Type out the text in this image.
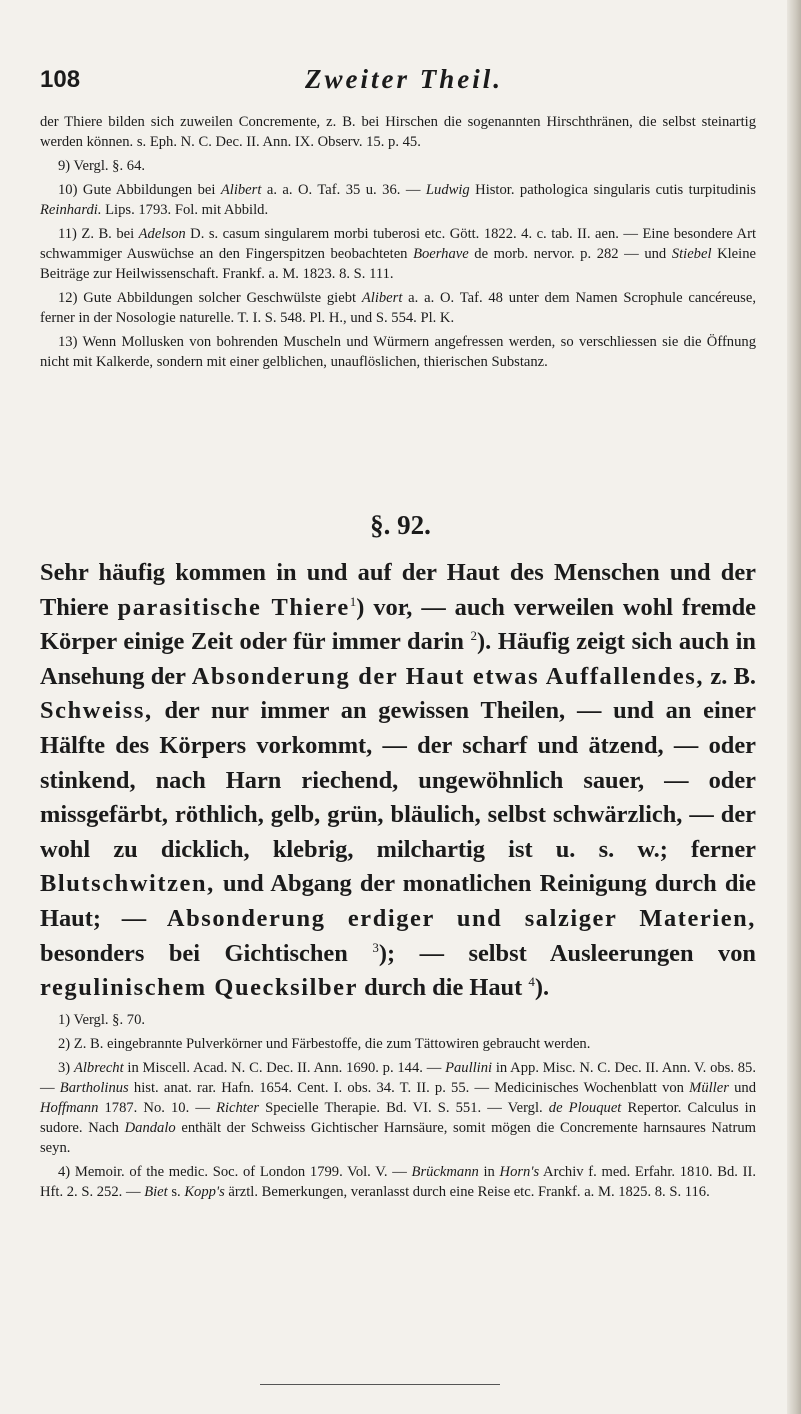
108	Zweiter Theil.

der Thiere bilden sich zuweilen Concremente, z. B. bei Hirschen die sogenannten Hirschthränen, die selbst steinartig werden können. s. Eph. N. C. Dec. II. Ann. IX. Observ. 15. p. 45.

9) Vergl. §. 64.

10) Gute Abbildungen bei Alibert a. a. O. Taf. 35 u. 36. — Ludwig Histor. pathologica singularis cutis turpitudinis Reinhardi. Lips. 1793. Fol. mit Abbild.

11) Z. B. bei Adelson D. s. casum singularem morbi tuberosi etc. Gött. 1822. 4. c. tab. II. aen. — Eine besondere Art schwammiger Auswüchse an den Fingerspitzen beobachteten Boerhave de morb. nervor. p. 282 — und Stiebel Kleine Beiträge zur Heilwissenschaft. Frankf. a. M. 1823. 8. S. 111.

12) Gute Abbildungen solcher Geschwülste giebt Alibert a. a. O. Taf. 48 unter dem Namen Scrophule cancéreuse, ferner in der Nosologie naturelle. T. I. S. 548. Pl. H., und S. 554. Pl. K.

13) Wenn Mollusken von bohrenden Muscheln und Würmern angefressen werden, so verschliessen sie die Öffnung nicht mit Kalkerde, sondern mit einer gelblichen, unauflöslichen, thierischen Substanz.

§. 92.
Sehr häufig kommen in und auf der Haut des Menschen und der Thiere parasitische Thiere$^1$) vor, — auch verweilen wohl fremde Körper einige Zeit oder für immer darin $^2$). Häufig zeigt sich auch in Ansehung der Absonderung der Haut etwas Auffallendes, z. B. Schweiss, der nur immer an gewissen Theilen, — und an einer Hälfte des Körpers vorkommt, — der scharf und ätzend, — oder stinkend, nach Harn riechend, ungewöhnlich sauer, — oder missgefärbt, röthlich, gelb, grün, bläulich, selbst schwärzlich, — der wohl zu dicklich, klebrig, milchartig ist u. s. w.; ferner Blutschwitzen, und Abgang der monatlichen Reinigung durch die Haut; — Absonderung erdiger und salziger Materien, besonders bei Gichtischen $^3$); — selbst Ausleerungen von regulinischem Quecksilber durch die Haut $^4$).

1) Vergl. §. 70.

2) Z. B. eingebrannte Pulverkörner und Färbestoffe, die zum Tättowiren gebraucht werden.

3) Albrecht in Miscell. Acad. N. C. Dec. II. Ann. 1690. p. 144. — Paullini in App. Misc. N. C. Dec. II. Ann. V. obs. 85. — Bartholinus hist. anat. rar. Hafn. 1654. Cent. I. obs. 34. T. II. p. 55. — Medicinisches Wochenblatt von Müller und Hoffmann 1787. No. 10. — Richter Specielle Therapie. Bd. VI. S. 551. — Vergl. de Plouquet Repertor. Calculus in sudore. Nach Dandalo enthält der Schweiss Gichtischer Harnsäure, somit mögen die Concremente harnsaures Natrum seyn.

4) Memoir. of the medic. Soc. of London 1799. Vol. V. — Brückmann in Horn's Archiv f. med. Erfahr. 1810. Bd. II. Hft. 2. S. 252. — Biet s. Kopp's ärztl. Bemerkungen, veranlasst durch eine Reise etc. Frankf. a. M. 1825. 8. S. 116.
